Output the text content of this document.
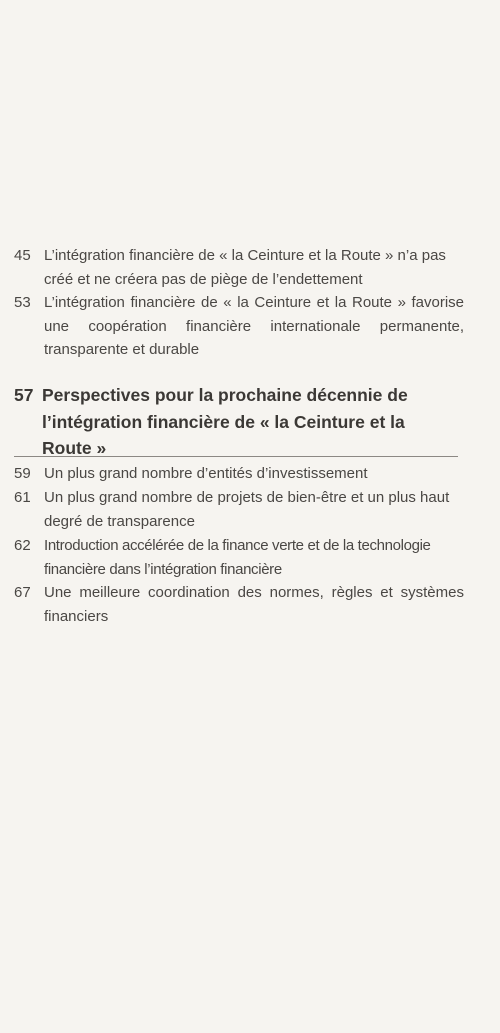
45 L’intégration financière de « la Ceinture et la Route » n’a pas créé et ne créera pas de piège de l’endettement
53 L’intégration financière de « la Ceinture et la Route » favorise une coopération financière internationale permanente, transparente et durable
57 Perspectives pour la prochaine décennie de l’intégration financière de « la Ceinture et la Route »
59 Un plus grand nombre d’entités d’investissement
61 Un plus grand nombre de projets de bien-être et un plus haut degré de transparence
62 Introduction accélérée de la finance verte et de la technologie financière dans l’intégration financière
67 Une meilleure coordination des normes, règles et systèmes financiers
